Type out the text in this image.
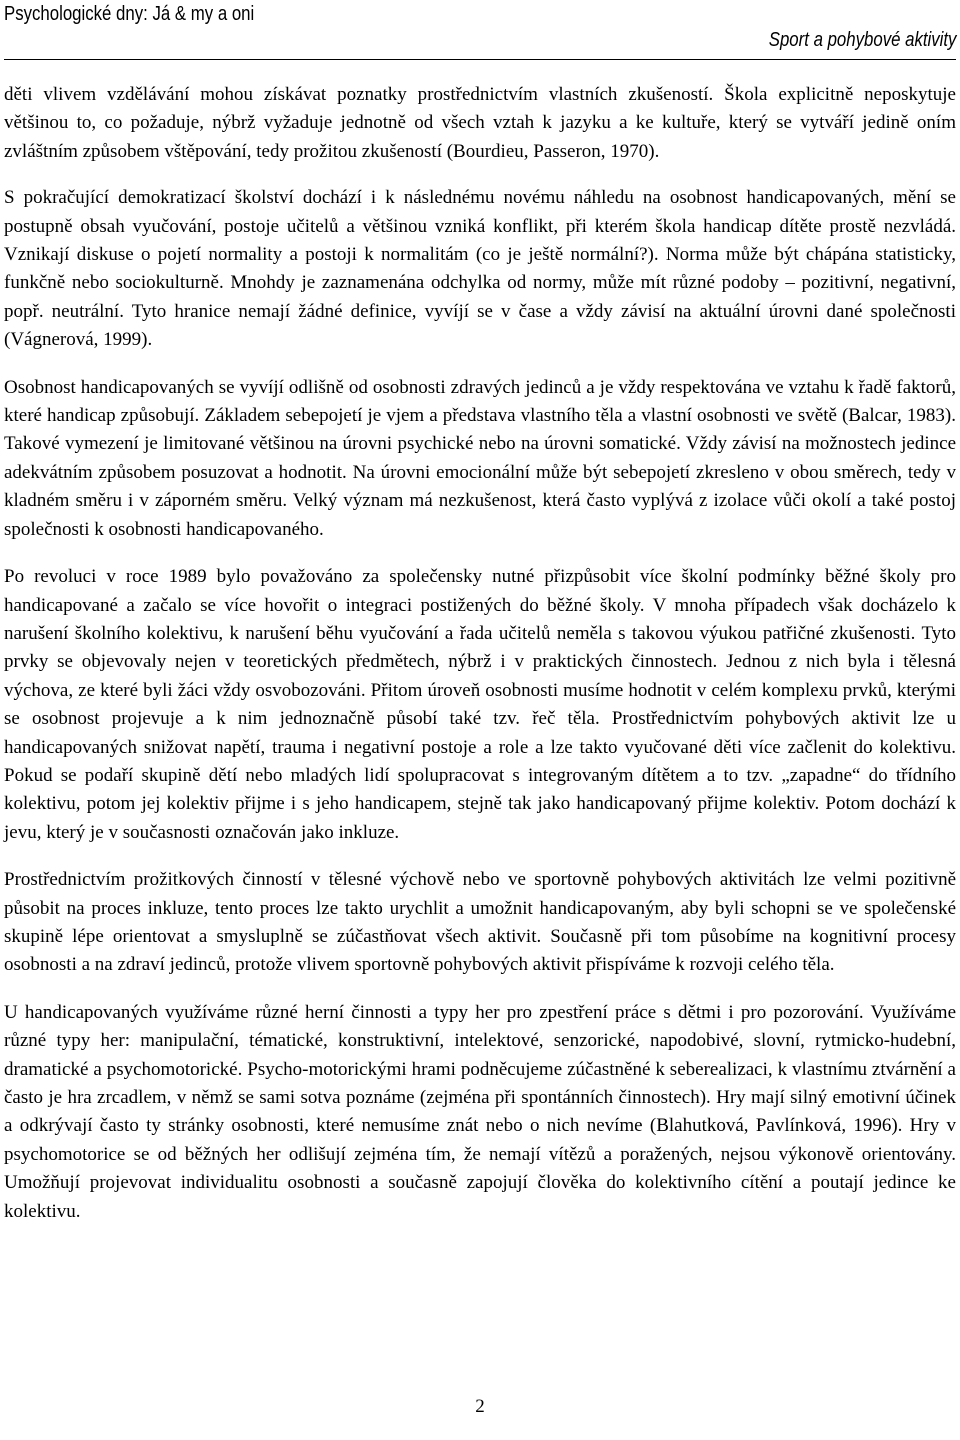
Psychologické dny: Já & my a oni
Sport a pohybové aktivity

děti vlivem vzdělávání mohou získávat poznatky prostřednictvím vlastních zkušeností. Škola explicitně neposkytuje většinou to, co požaduje, nýbrž vyžaduje jednotně od všech vztah k jazyku a ke kultuře, který se vytváří jedině oním zvláštním způsobem vštěpování, tedy prožitou zkušeností (Bourdieu, Passeron, 1970).

S pokračující demokratizací školství dochází i k následnému novému náhledu na osobnost handicapovaných, mění se postupně obsah vyučování, postoje učitelů a většinou vzniká konflikt, při kterém škola handicap dítěte prostě nezvládá. Vznikají diskuse o pojetí normality a postoji k normalitám (co je ještě normální?). Norma může být chápána statisticky, funkčně nebo sociokulturně. Mnohdy je zaznamenána odchylka od normy, může mít různé podoby – pozitivní, negativní, popř. neutrální. Tyto hranice nemají žádné definice, vyvíjí se v čase a vždy závisí na aktuální úrovni dané společnosti (Vágnerová, 1999).

Osobnost handicapovaných se vyvíjí odlišně od osobnosti zdravých jedinců a je vždy respektována ve vztahu k řadě faktorů, které handicap způsobují. Základem sebepojetí je vjem a představa vlastního těla a vlastní osobnosti ve světě (Balcar, 1983). Takové vymezení je limitované většinou na úrovni psychické nebo na úrovni somatické. Vždy závisí na možnostech jedince adekvátním způsobem posuzovat a hodnotit. Na úrovni emocionální může být sebepojetí zkresleno v obou směrech, tedy v kladném směru i v záporném směru. Velký význam má nezkušenost, která často vyplývá z izolace vůči okolí a také postoj společnosti k osobnosti handicapovaného.

Po revoluci v roce 1989 bylo považováno za společensky nutné přizpůsobit více školní podmínky běžné školy pro handicapované a začalo se více hovořit o integraci postižených do běžné školy. V mnoha případech však docházelo k narušení školního kolektivu, k narušení běhu vyučování a řada učitelů neměla s takovou výukou patřičné zkušenosti. Tyto prvky se objevovaly nejen v teoretických předmětech, nýbrž i v praktických činnostech. Jednou z nich byla i tělesná výchova, ze které byli žáci vždy osvobozováni. Přitom úroveň osobnosti musíme hodnotit v celém komplexu prvků, kterými se osobnost projevuje a k nim jednoznačně působí také tzv. řeč těla. Prostřednictvím pohybových aktivit lze u handicapovaných snižovat napětí, trauma i negativní postoje a role a lze takto vyučované děti více začlenit do kolektivu. Pokud se podaří skupině dětí nebo mladých lidí spolupracovat s integrovaným dítětem a to tzv. „zapadne“ do třídního kolektivu, potom jej kolektiv přijme i s jeho handicapem, stejně tak jako handicapovaný přijme kolektiv. Potom dochází k jevu, který je v současnosti označován jako inkluze.

Prostřednictvím prožitkových činností v tělesné výchově nebo ve sportovně pohybových aktivitách lze velmi pozitivně působit na proces inkluze, tento proces lze takto urychlit a umožnit handicapovaným, aby byli schopni se ve společenské skupině lépe orientovat a smysluplně se zúčastňovat všech aktivit. Současně při tom působíme na kognitivní procesy osobnosti a na zdraví jedinců, protože vlivem sportovně pohybových aktivit přispíváme k rozvoji celého těla.

U handicapovaných využíváme různé herní činnosti a typy her pro zpestření práce s dětmi i pro pozorování. Využíváme různé typy her: manipulační, tématické, konstruktivní, intelektové, senzorické, napodobivé, slovní, rytmicko-hudební, dramatické a psychomotorické. Psycho-motorickými hrami podněcujeme zúčastněné k seberealizaci, k vlastnímu ztvárnění a často je hra zrcadlem, v němž se sami sotva poznáme (zejména při spontánních činnostech). Hry mají silný emotivní účinek a odkrývají často ty stránky osobnosti, které nemusíme znát nebo o nich nevíme (Blahutková, Pavlínková, 1996). Hry v psychomotorice se od běžných her odlišují zejména tím, že nemají vítězů a poražených, nejsou výkonově orientovány. Umožňují projevovat individualitu osobnosti a současně zapojují člověka do kolektivního cítění a poutají jedince ke kolektivu.

2
